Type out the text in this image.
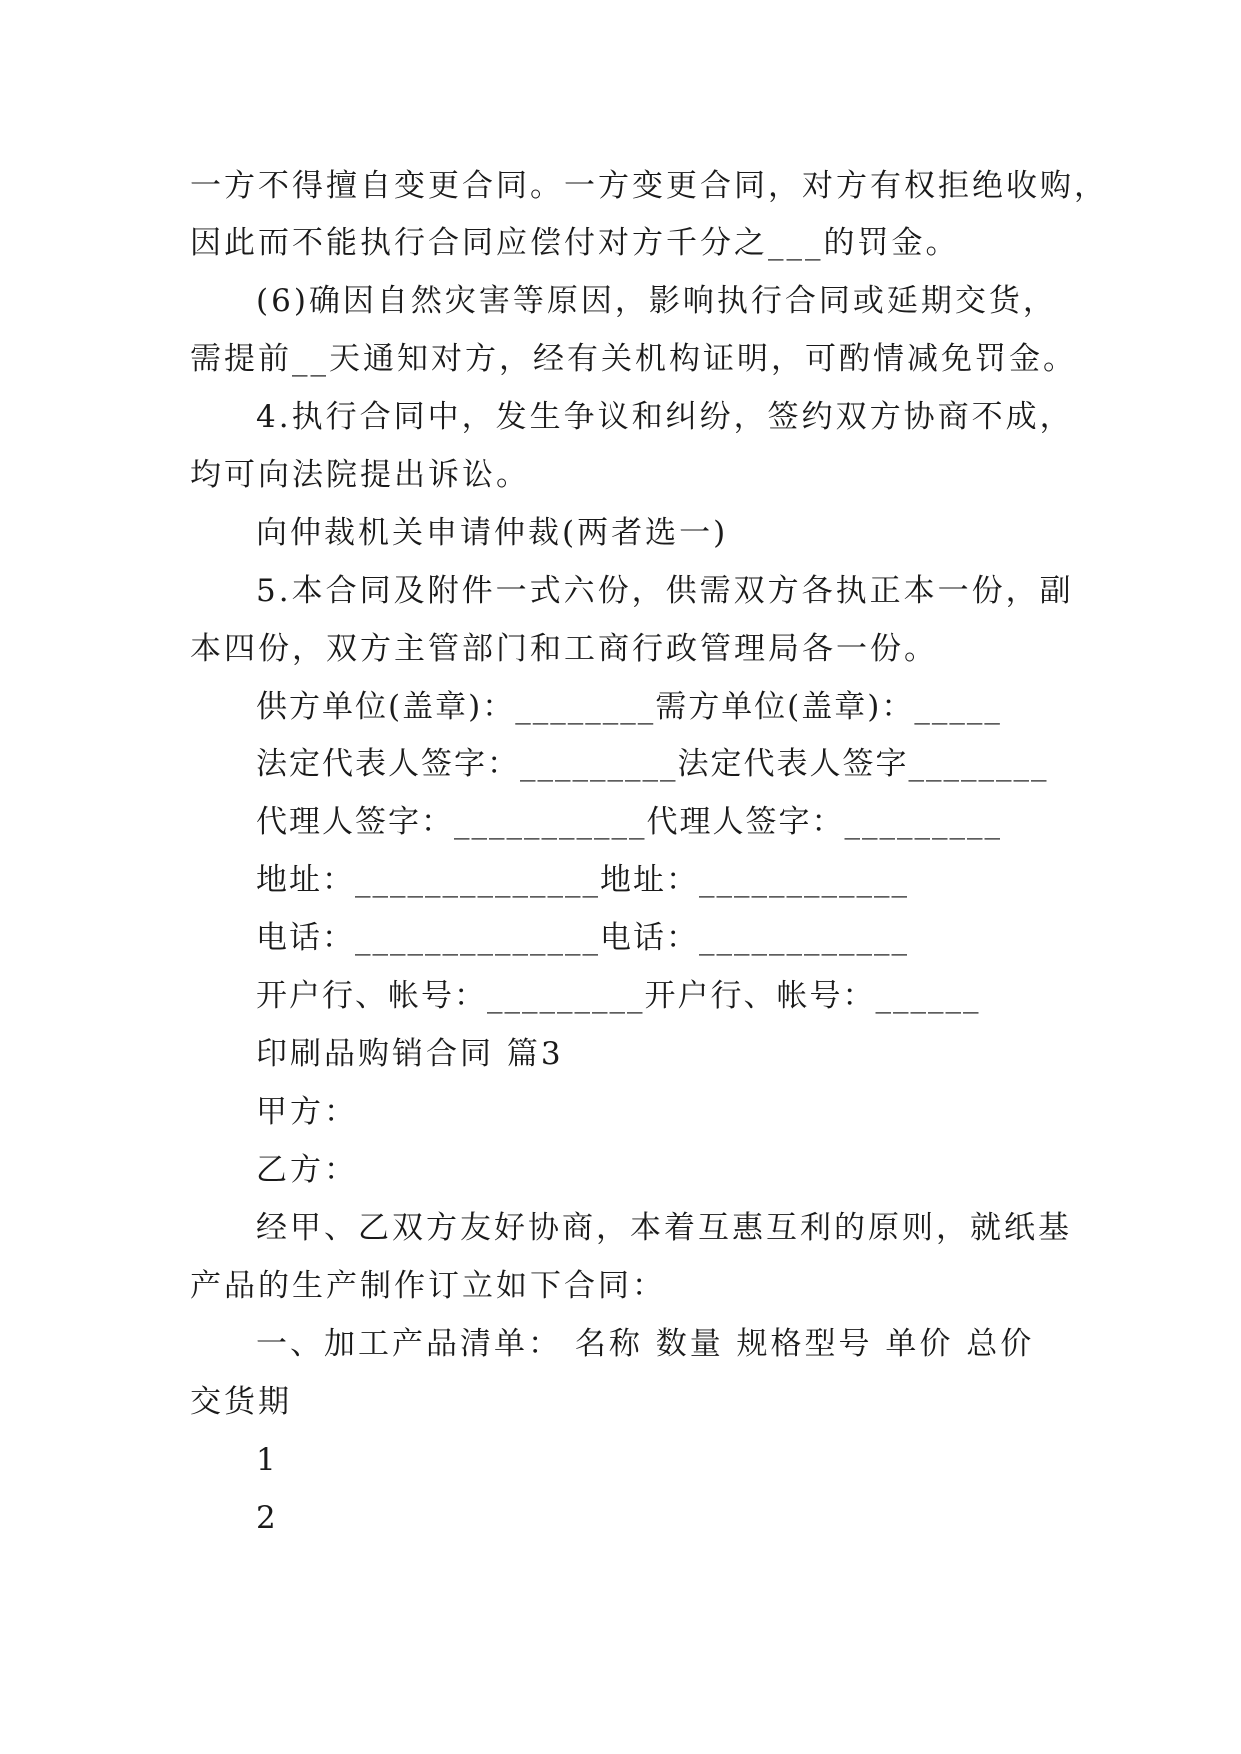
一方不得擅自变更合同。一方变更合同，对方有权拒绝收购，
因此而不能执行合同应偿付对方千分之___的罚金。
(6)确因自然灾害等原因，影响执行合同或延期交货，
需提前__天通知对方，经有关机构证明，可酌情减免罚金。
4.执行合同中，发生争议和纠纷，签约双方协商不成，
均可向法院提出诉讼。
向仲裁机关申请仲裁(两者选一)
5.本合同及附件一式六份，供需双方各执正本一份，副
本四份，双方主管部门和工商行政管理局各一份。
供方单位(盖章)：________需方单位(盖章)：_____
法定代表人签字：_________法定代表人签字________
代理人签字：___________代理人签字：_________
地址：______________地址：____________
电话：______________电话：____________
开户行、帐号：_________开户行、帐号：______
印刷品购销合同 篇3
甲方：
乙方：
经甲、乙双方友好协商，本着互惠互利的原则，就纸基
产品的生产制作订立如下合同：
一、加工产品清单： 名称 数量 规格型号 单价 总价
交货期
1
2
